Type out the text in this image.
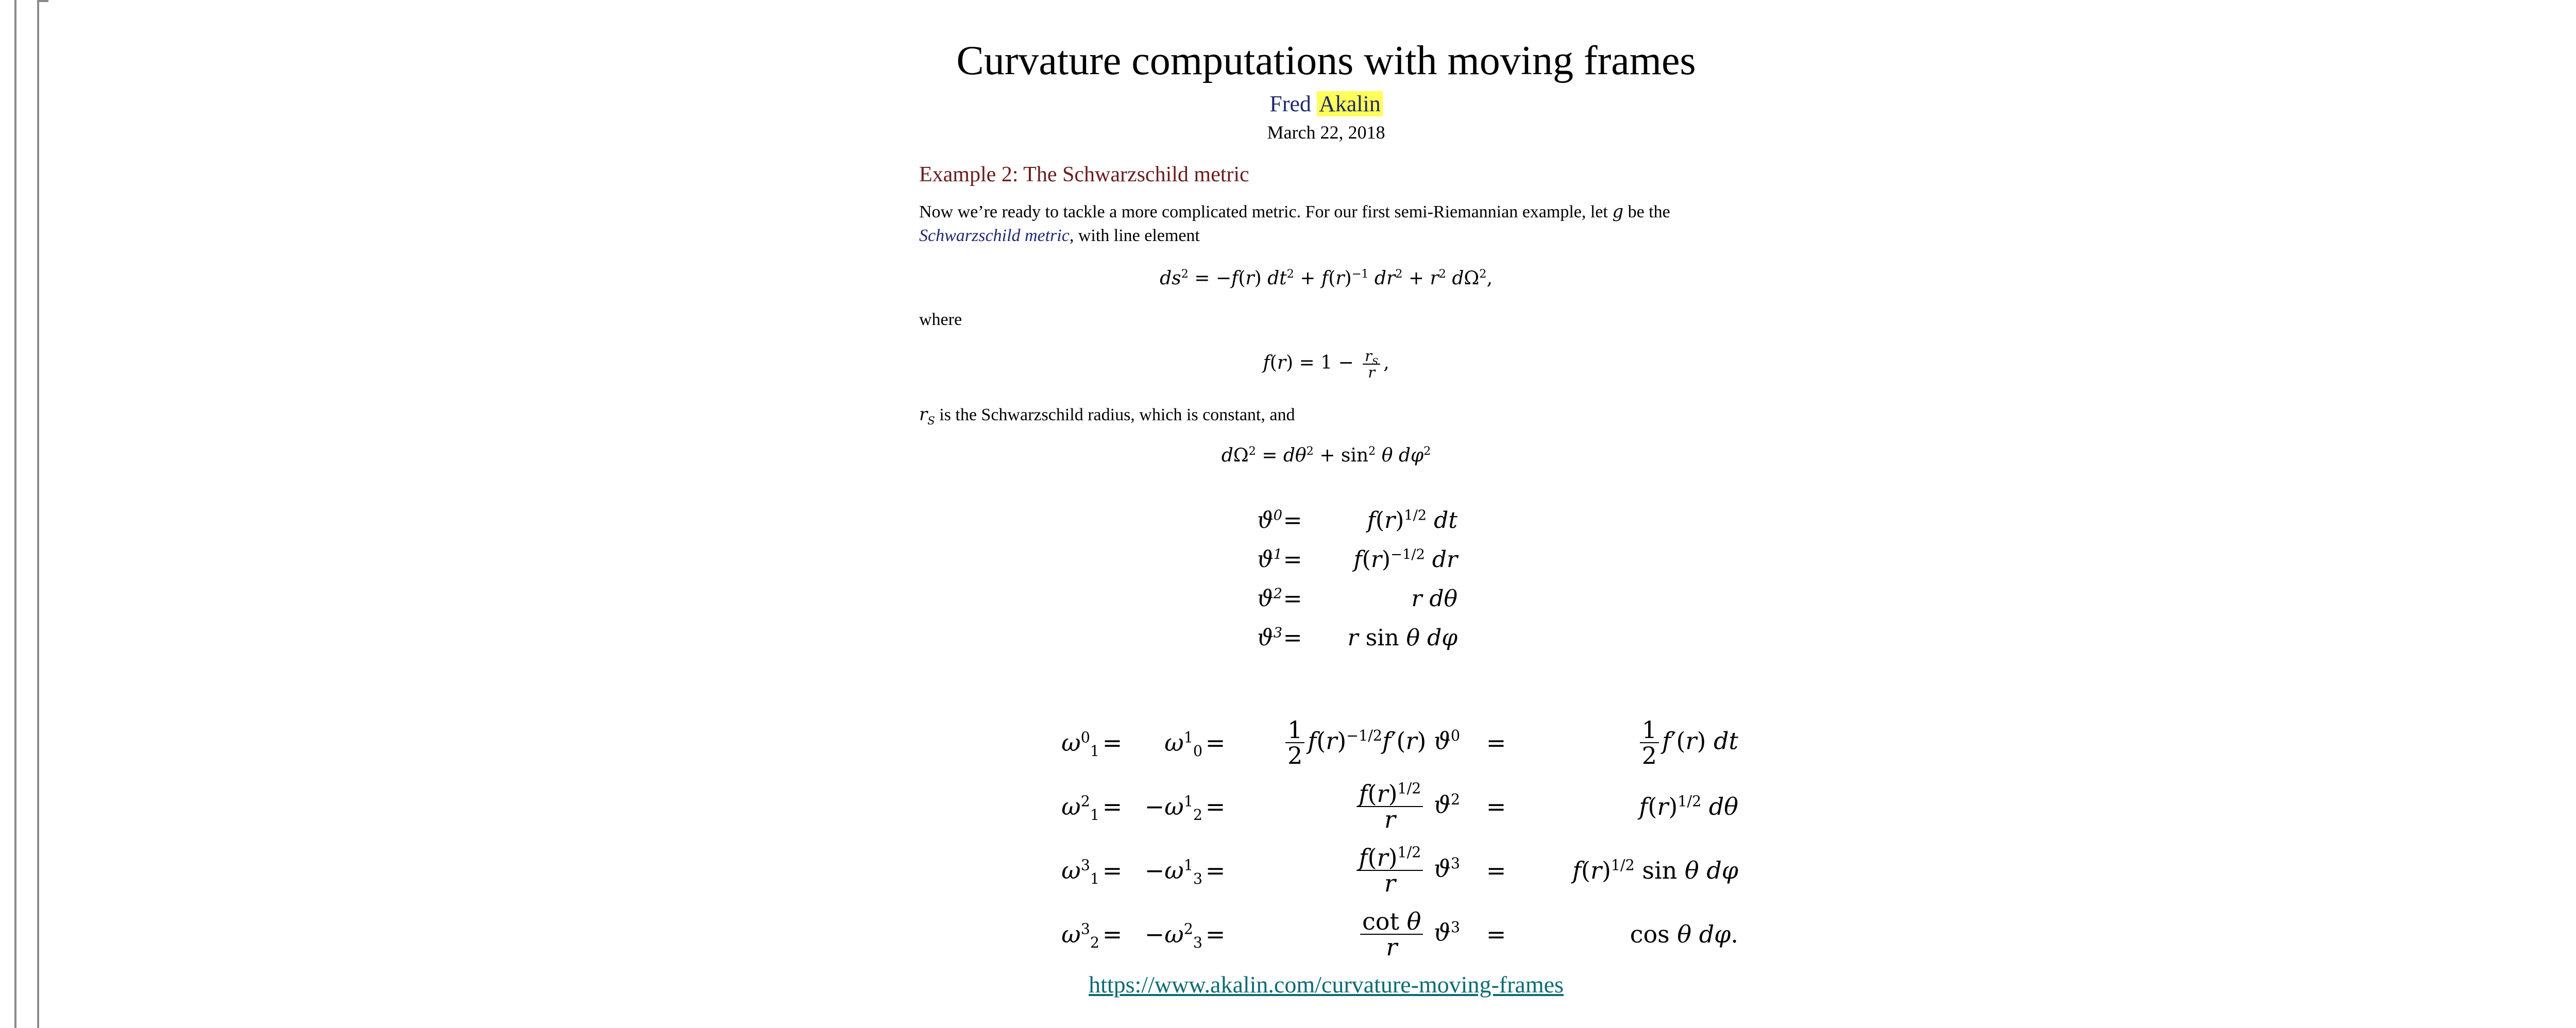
Curvature computations with moving frames
Fred Akalin
March 22, 2018
Example 2: The Schwarzschild metric
Now we’re ready to tackle a more complicated metric. For our first semi-Riemannian example, let g be the
Schwarzschild metric, with line element
$ds^2 = -f(r) dt^2 + f(r)^{-1}$ $dr^2 + r^2$ $d\Omega^2$,
where
$f(r) = 1 - \frac{r_S}{r}$ ,
$r_S$ is the Schwarzschild radius, which is constant, and
$d\Omega^2 = d\theta^2 + \sin^2 \theta$ $d\varphi^2$
$ϑ^0$ =	$f(r)^{1/2}$ dt
$ϑ^1$ =	$f(r)^{-1/2}$ dr
$ϑ^2$ =	r dθ
$ϑ^3$ =	r sin θ dφ
$\omega^0_1$ =	$\omega^1_0$ =	$\frac{1}{2} f(r)^{-1/2}f'(r)$ $ϑ^0$	=	$\frac{1}{2} f'(r)$ dt
$\omega^2_1 = -\omega^1_2$ =	$\frac{f(r)^{1/2}}{r} ϑ^2$	=	$f(r)^{1/2}$ dθ
$\omega^3_1 = -\omega^1_3$ =	$\frac{f(r)^{1/2}}{r} ϑ^3$	=	$f(r)^{1/2}$ sin θ dφ
$\omega^3_2 = -\omega^2_3$ =	$\frac{\text{cot θ}}{r} ϑ^3$	=	cos θ dφ.
https://www.akalin.com/curvature-moving-frames
